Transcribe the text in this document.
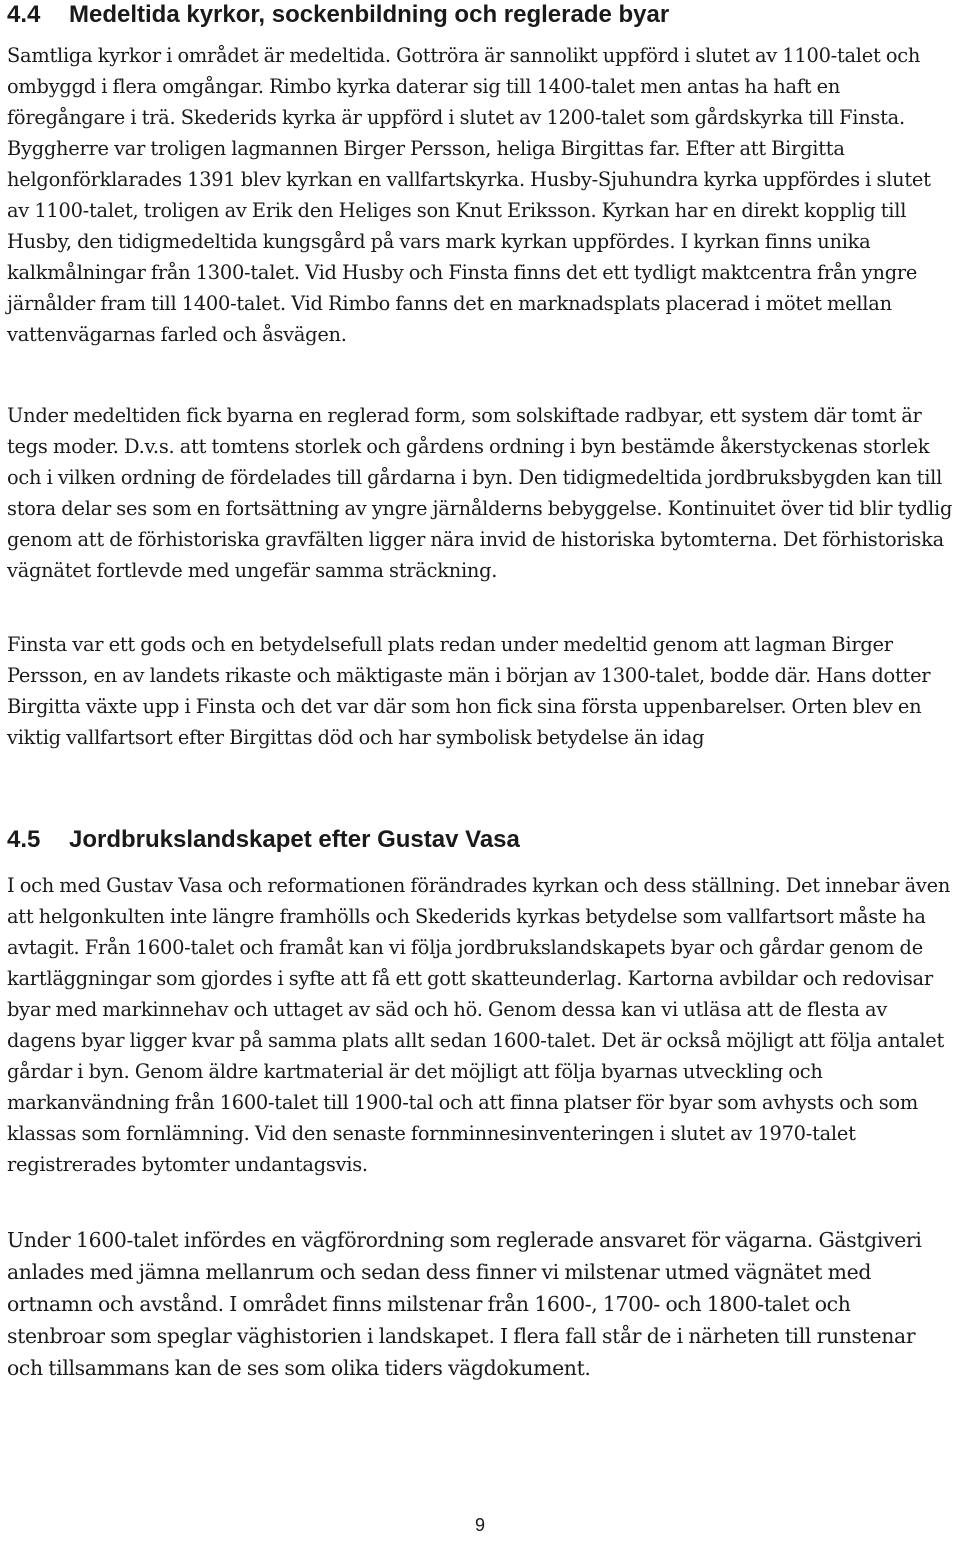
4.4	Medeltida kyrkor, sockenbildning och reglerade byar

Samtliga kyrkor i området är medeltida. Gottröra är sannolikt uppförd i slutet av 1100-talet och ombyggd i flera omgångar. Rimbo kyrka daterar sig till 1400-talet men antas ha haft en föregångare i trä. Skederids kyrka är uppförd i slutet av 1200-talet som gårdskyrka till Finsta. Byggherre var troligen lagmannen Birger Persson, heliga Birgittas far. Efter att Birgitta helgonförklarades 1391 blev kyrkan en vallfartskyrka. Husby-Sjuhundra kyrka uppfördes i slutet av 1100-talet, troligen av Erik den Heliges son Knut Eriksson. Kyrkan har en direkt kopplig till Husby, den tidigmedeltida kungsgård på vars mark kyrkan uppfördes. I kyrkan finns unika kalkmålningar från 1300-talet. Vid Husby och Finsta finns det ett tydligt maktcentra från yngre järnålder fram till 1400-talet. Vid Rimbo fanns det en marknadsplats placerad i mötet mellan vattenvägarnas farled och åsvägen.

Under medeltiden fick byarna en reglerad form, som solskiftade radbyar, ett system där tomt är tegs moder. D.v.s. att tomtens storlek och gårdens ordning i byn bestämde åkerstyckenas storlek och i vilken ordning de fördelades till gårdarna i byn. Den tidigmedeltida jordbruksbygden kan till stora delar ses som en fortsättning av yngre järnålderns bebyggelse. Kontinuitet över tid blir tydlig genom att de förhistoriska gravfälten ligger nära invid de historiska bytomterna. Det förhistoriska vägnätet fortlevde med ungefär samma sträckning.

Finsta var ett gods och en betydelsefull plats redan under medeltid genom att lagman Birger Persson, en av landets rikaste och mäktigaste män i början av 1300-talet, bodde där. Hans dotter Birgitta växte upp i Finsta och det var där som hon fick sina första uppenbarelser. Orten blev en viktig vallfartsort efter Birgittas död och har symbolisk betydelse än idag

4.5	Jordbrukslandskapet efter Gustav Vasa

I och med Gustav Vasa och reformationen förändrades kyrkan och dess ställning. Det innebar även att helgonkulten inte längre framhölls och Skederids kyrkas betydelse som vallfartsort måste ha avtagit. Från 1600-talet och framåt kan vi följa jordbrukslandskapets byar och gårdar genom de kartläggningar som gjordes i syfte att få ett gott skatteunderlag. Kartorna avbildar och redovisar byar med markinnehav och uttaget av säd och hö. Genom dessa kan vi utläsa att de flesta av dagens byar ligger kvar på samma plats allt sedan 1600-talet. Det är också möjligt att följa antalet gårdar i byn. Genom äldre kartmaterial är det möjligt att följa byarnas utveckling och markanvändning från 1600-talet till 1900-tal och att finna platser för byar som avhysts och som klassas som fornlämning. Vid den senaste fornminnesinventeringen i slutet av 1970-talet registrerades bytomter undantagsvis.

Under 1600-talet infördes en vägförordning som reglerade ansvaret för vägarna. Gästgiveri anlades med jämna mellanrum och sedan dess finner vi milstenar utmed vägnätet med ortnamn och avstånd. I området finns milstenar från 1600-, 1700- och 1800-talet och stenbroar som speglar väghistorien i landskapet. I flera fall står de i närheten till runstenar och tillsammans kan de ses som olika tiders vägdokument.

9
